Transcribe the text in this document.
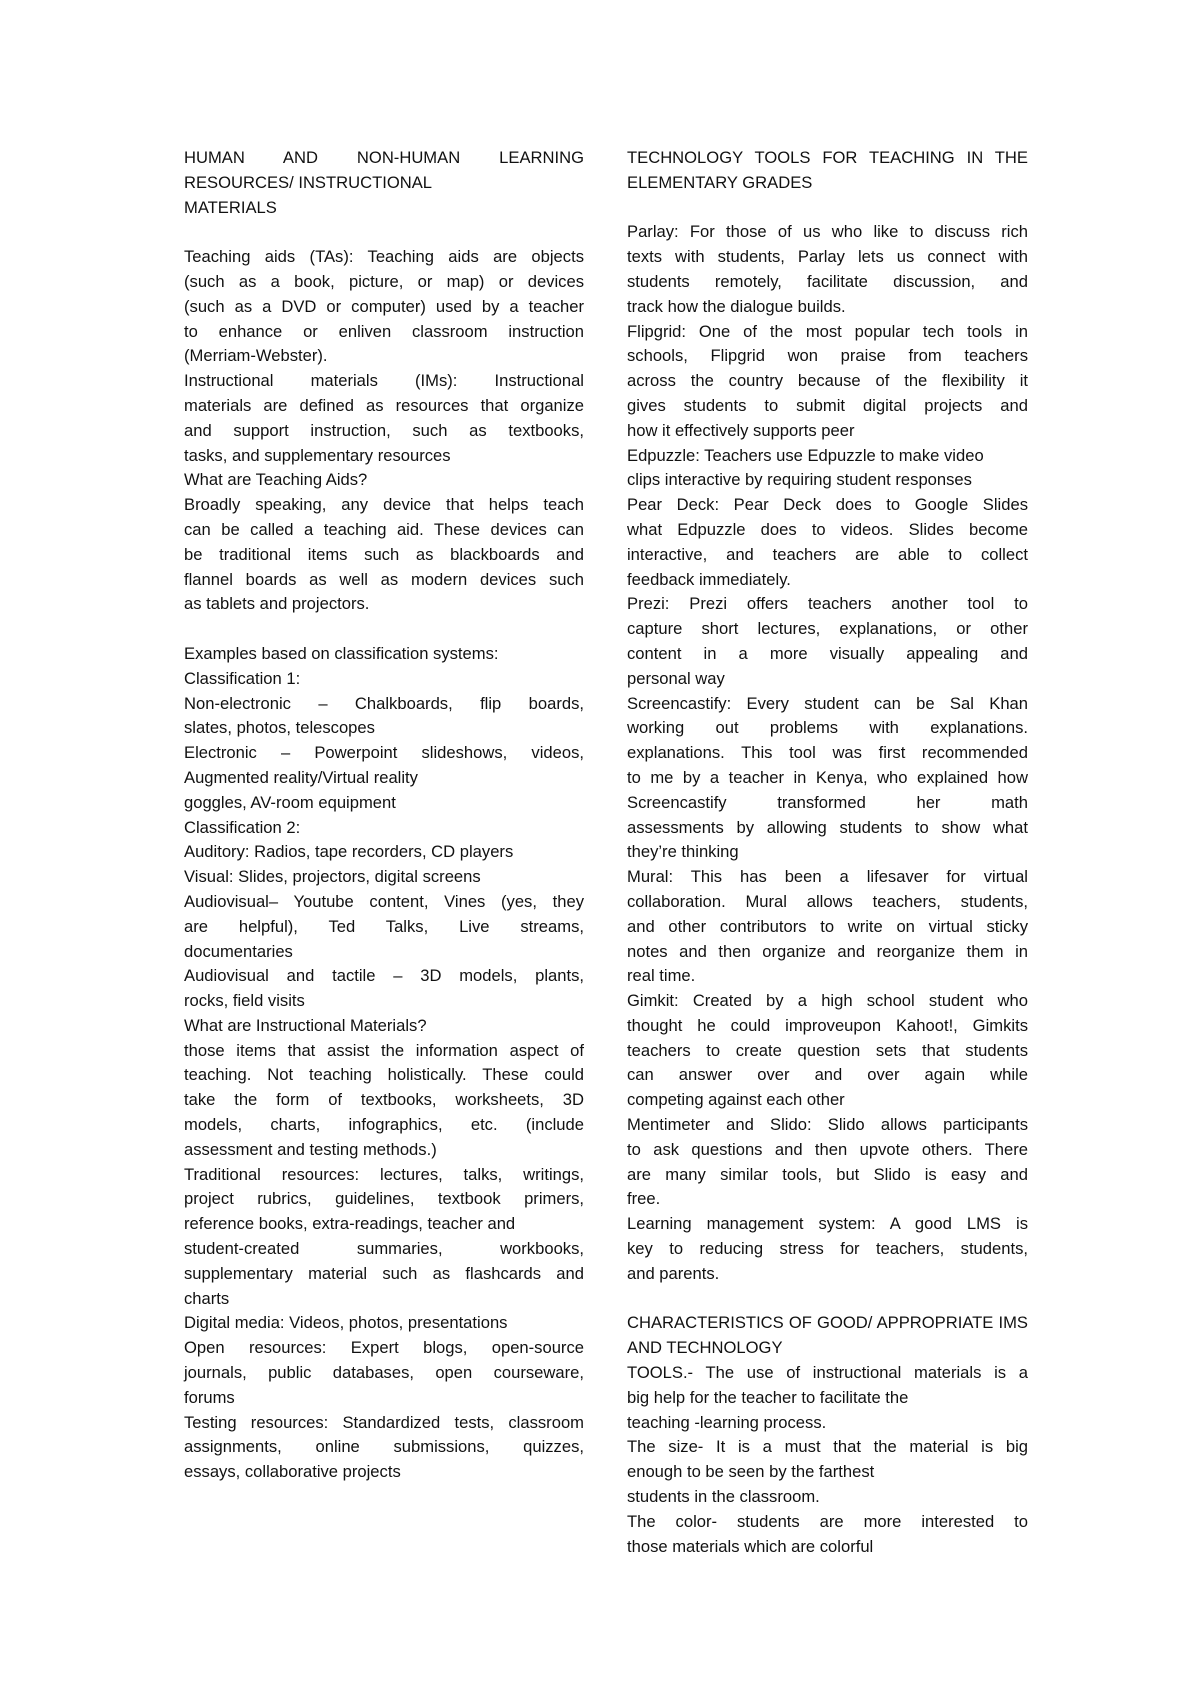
HUMAN AND NON-HUMAN LEARNING
RESOURCES/ INSTRUCTIONAL
MATERIALS
Teaching aids (TAs): Teaching aids are objects
(such as a book, picture, or map) or devices
(such as a DVD or computer) used by a teacher
to enhance or enliven classroom instruction
(Merriam-Webster).
Instructional materials (IMs): Instructional
materials are defined as resources that organize
and support instruction, such as textbooks,
tasks, and supplementary resources
What are Teaching Aids?
Broadly speaking, any device that helps teach
can be called a teaching aid. These devices can
be traditional items such as blackboards and
flannel boards as well as modern devices such
as tablets and projectors.
Examples based on classification systems:
Classification 1:
Non-electronic – Chalkboards, flip boards,
slates, photos, telescopes
Electronic – Powerpoint slideshows, videos,
Augmented reality/Virtual reality
goggles, AV-room equipment
Classification 2:
Auditory: Radios, tape recorders, CD players
Visual: Slides, projectors, digital screens
Audiovisual– Youtube content, Vines (yes, they
are helpful), Ted Talks, Live streams,
documentaries
Audiovisual and tactile – 3D models, plants,
rocks, field visits
What are Instructional Materials?
those items that assist the information aspect of
teaching. Not teaching holistically. These could
take the form of textbooks, worksheets, 3D
models, charts, infographics, etc. (include
assessment and testing methods.)
Traditional resources: lectures, talks, writings,
project rubrics, guidelines, textbook primers,
reference books, extra-readings, teacher and
student-created summaries, workbooks,
supplementary material such as flashcards and
charts
Digital media: Videos, photos, presentations
Open resources: Expert blogs, open-source
journals, public databases, open courseware,
forums
Testing resources: Standardized tests, classroom
assignments, online submissions, quizzes,
essays, collaborative projects
TECHNOLOGY TOOLS FOR TEACHING IN THE
ELEMENTARY GRADES
Parlay: For those of us who like to discuss rich
texts with students, Parlay lets us connect with
students remotely, facilitate discussion, and
track how the dialogue builds.
Flipgrid: One of the most popular tech tools in
schools, Flipgrid won praise from teachers
across the country because of the flexibility it
gives students to submit digital projects and
how it effectively supports peer
Edpuzzle: Teachers use Edpuzzle to make video
clips interactive by requiring student responses
Pear Deck: Pear Deck does to Google Slides
what Edpuzzle does to videos. Slides become
interactive, and teachers are able to collect
feedback immediately.
Prezi: Prezi offers teachers another tool to
capture short lectures, explanations, or other
content in a more visually appealing and
personal way
Screencastify: Every student can be Sal Khan
working out problems with explanations.
explanations. This tool was first recommended
to me by a teacher in Kenya, who explained how
Screencastify transformed her math
assessments by allowing students to show what
they’re thinking
Mural: This has been a lifesaver for virtual
collaboration. Mural allows teachers, students,
and other contributors to write on virtual sticky
notes and then organize and reorganize them in
real time.
Gimkit: Created by a high school student who
thought he could improveupon Kahoot!, Gimkits
teachers to create question sets that students
can answer over and over again while
competing against each other
Mentimeter and Slido: Slido allows participants
to ask questions and then upvote others. There
are many similar tools, but Slido is easy and
free.
Learning management system: A good LMS is
key to reducing stress for teachers, students,
and parents.
CHARACTERISTICS OF GOOD/ APPROPRIATE IMS
AND TECHNOLOGY
TOOLS.- The use of instructional materials is a
big help for the teacher to facilitate the
teaching -learning process.
The size- It is a must that the material is big
enough to be seen by the farthest
students in the classroom.
The color- students are more interested to
those materials which are colorful
